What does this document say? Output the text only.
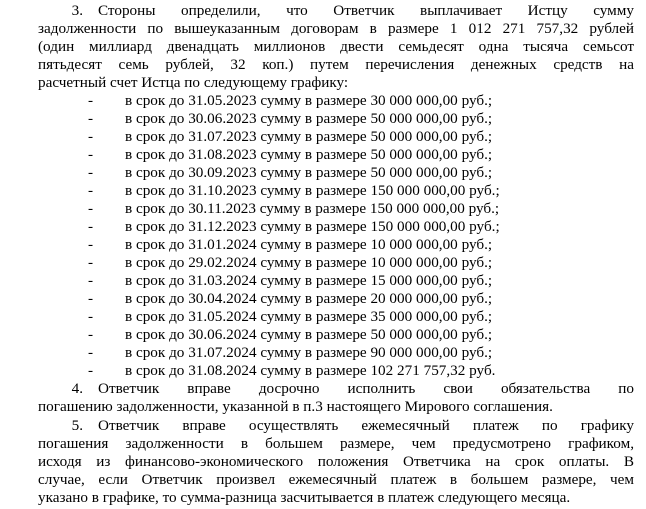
Стороны определили, что Ответчик выплачивает Истцу сумму
3.
задолженности по вышеуказанным договорам в размере 1 012 271 757,32 рублей
(один миллиард двенадцать миллионов двести семьдесят одна тысяча семьсот
пятьдесят семь рублей, 32 коп.) путем перечисления денежных средств на
расчетный счет Истца по следующему графику:
- в срок до 31.05.2023 сумму в размере 30 000 000,00 руб.;
- в срок до 30.06.2023 сумму в размере 50 000 000,00 руб.;
- в срок до 31.07.2023 сумму в размере 50 000 000,00 руб.;
- в срок до 31.08.2023 сумму в размере 50 000 000,00 руб.;
- в срок до 30.09.2023 сумму в размере 50 000 000,00 руб.;
- в срок до 31.10.2023 сумму в размере 150 000 000,00 руб.;
- в срок до 30.11.2023 сумму в размере 150 000 000,00 руб.;
- в срок до 31.12.2023 сумму в размере 150 000 000,00 руб.;
- в срок до 31.01.2024 сумму в размере 10 000 000,00 руб.;
- в срок до 29.02.2024 сумму в размере 10 000 000,00 руб.;
- в срок до 31.03.2024 сумму в размере 15 000 000,00 руб.;
- в срок до 30.04.2024 сумму в размере 20 000 000,00 руб.;
- в срок до 31.05.2024 сумму в размере 35 000 000,00 руб.;
- в срок до 30.06.2024 сумму в размере 50 000 000,00 руб.;
- в срок до 31.07.2024 сумму в размере 90 000 000,00 руб.;
- в срок до 31.08.2024 сумму в размере 102 271 757,32 руб.
4. Ответчик вправе досрочно исполнить свои обязательства по
погашению задолженности, указанной в п.3 настоящего Мирового соглашения.
5. Ответчик вправе осуществлять ежемесячный платеж по графику
погашения задолженности в большем размере, чем предусмотрено графиком,
исходя из финансово-экономического положения Ответчика на срок оплаты. В
случае, если Ответчик произвел ежемесячный платеж в большем размере, чем
указано в графике, то сумма-разница засчитывается в платеж следующего месяца.
